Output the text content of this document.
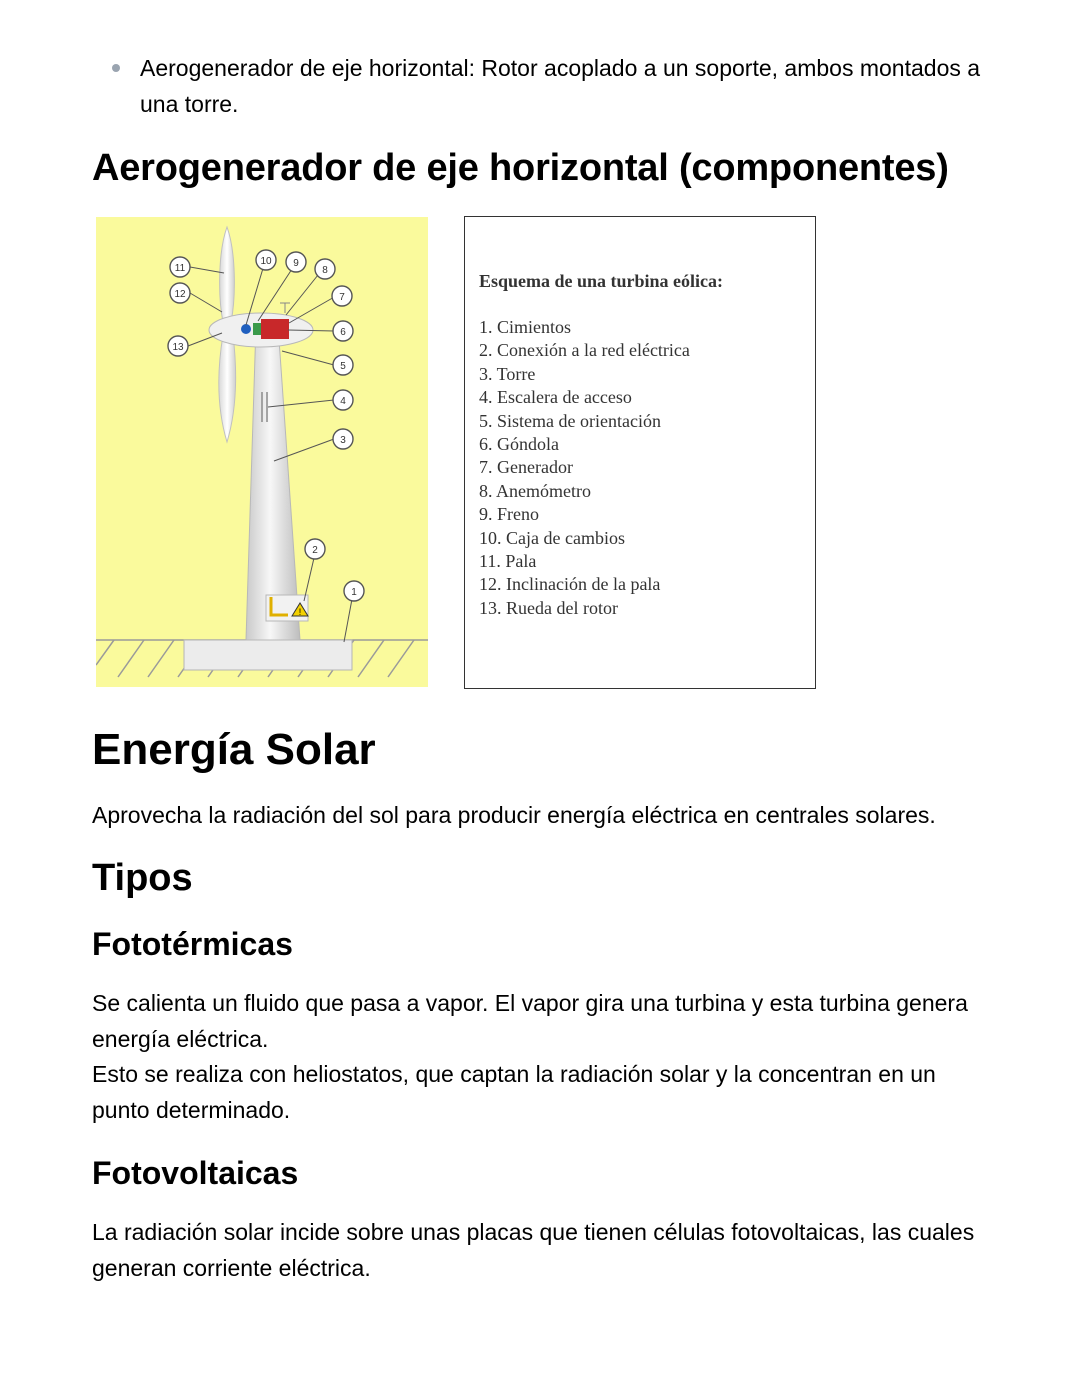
Aerogenerador de eje horizontal: Rotor acoplado a un soporte, ambos montados a una torre.

Aerogenerador de eje horizontal (componentes)
!
11
12
13
10 9
8
7
6
5
4
3
2
1

Esquema de una turbina eólica:

1. Cimientos
2. Conexión a la red eléctrica
3. Torre
4. Escalera de acceso
5. Sistema de orientación
6. Góndola
7. Generador
8. Anemómetro
9. Freno
10. Caja de cambios
11. Pala
12. Inclinación de la pala
13. Rueda del rotor
Energía Solar

Aprovecha la radiación del sol para producir energía eléctrica en centrales solares.

Tipos
Fototérmicas

Se calienta un fluido que pasa a vapor. El vapor gira una turbina y esta turbina genera energía eléctrica.
Esto se realiza con heliostatos, que captan la radiación solar y la concentran en un punto determinado.

Fotovoltaicas

La radiación solar incide sobre unas placas que tienen células fotovoltaicas, las cuales generan corriente eléctrica.
